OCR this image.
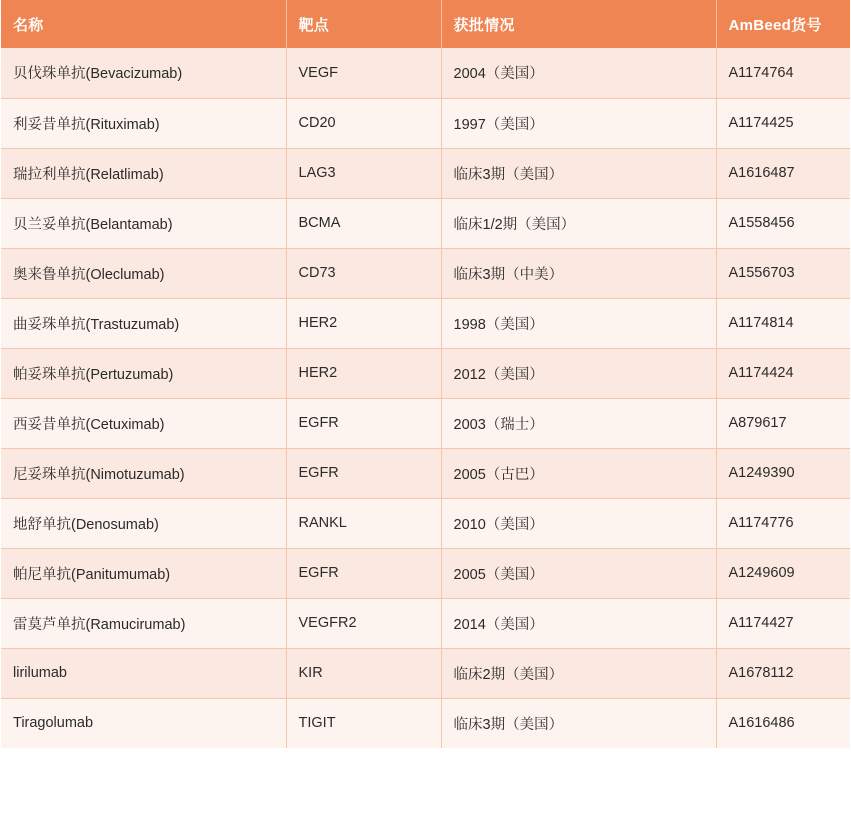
名称	靶点	获批情况	AmBeed货号
贝伐珠单抗(Bevacizumab)	VEGF	2004（美国）	A1174764
利妥昔单抗(Rituximab)	CD20	1997（美国）	A1174425
瑞拉利单抗(Relatlimab)	LAG3	临床3期（美国）	A1616487
贝兰妥单抗(Belantamab)	BCMA	临床1/2期（美国）	A1558456
奥来鲁单抗(Oleclumab)	CD73	临床3期（中美）	A1556703
曲妥珠单抗(Trastuzumab)	HER2	1998（美国）	A1174814
帕妥珠单抗(Pertuzumab)	HER2	2012（美国）	A1174424
西妥昔单抗(Cetuximab)	EGFR	2003（瑞士）	A879617
尼妥珠单抗(Nimotuzumab)	EGFR	2005（古巴）	A1249390
地舒单抗(Denosumab)	RANKL	2010（美国）	A1174776
帕尼单抗(Panitumumab)	EGFR	2005（美国）	A1249609
雷莫芦单抗(Ramucirumab)	VEGFR2	2014（美国）	A1174427
lirilumab	KIR	临床2期（美国）	A1678112
Tiragolumab	TIGIT	临床3期（美国）	A1616486
